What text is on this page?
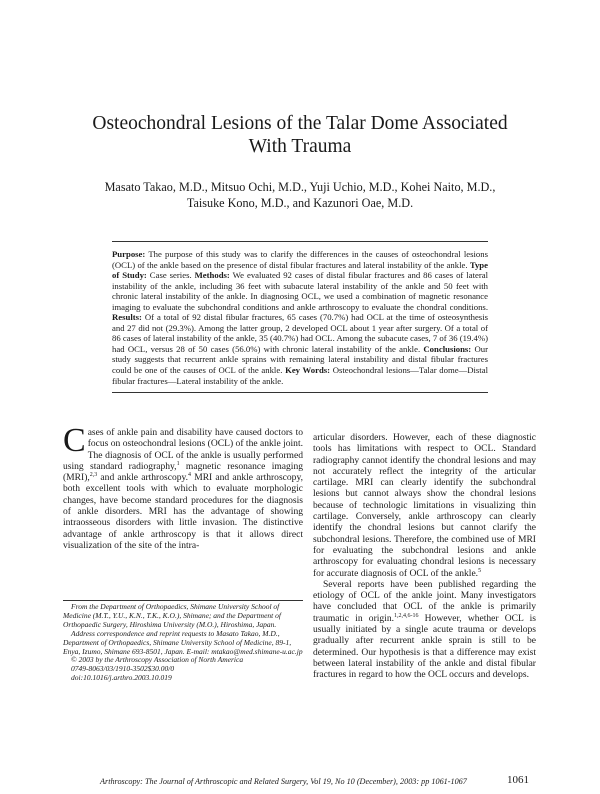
Osteochondral Lesions of the Talar Dome Associated
With Trauma
Masato Takao, M.D., Mitsuo Ochi, M.D., Yuji Uchio, M.D., Kohei Naito, M.D.,
Taisuke Kono, M.D., and Kazunori Oae, M.D.
Purpose: The purpose of this study was to clarify the differences in the causes of osteochondral lesions (OCL) of the ankle based on the presence of distal fibular fractures and lateral instability of the ankle. Type of Study: Case series. Methods: We evaluated 92 cases of distal fibular fractures and 86 cases of lateral instability of the ankle, including 36 feet with subacute lateral instability of the ankle and 50 feet with chronic lateral instability of the ankle. In diagnosing OCL, we used a combination of magnetic resonance imaging to evaluate the subchondral conditions and ankle arthroscopy to evaluate the chondral conditions. Results: Of a total of 92 distal fibular fractures, 65 cases (70.7%) had OCL at the time of osteosynthesis and 27 did not (29.3%). Among the latter group, 2 developed OCL about 1 year after surgery. Of a total of 86 cases of lateral instability of the ankle, 35 (40.7%) had OCL. Among the subacute cases, 7 of 36 (19.4%) had OCL, versus 28 of 50 cases (56.0%) with chronic lateral instability of the ankle. Conclusions: Our study suggests that recurrent ankle sprains with remaining lateral instability and distal fibular fractures could be one of the causes of OCL of the ankle. Key Words: Osteochondral lesions—Talar dome—Distal fibular fractures—Lateral instability of the ankle.

Cases of ankle pain and disability have caused doctors to focus on osteochondral lesions (OCL) of the ankle joint. The diagnosis of OCL of the ankle is usually performed using standard radiography,$^1$ magnetic resonance imaging (MRI),$^{2,3}$ and ankle arthroscopy.$^4$ MRI and ankle arthroscopy, both excellent tools with which to evaluate morphologic changes, have become standard procedures for the diagnosis of ankle disorders. MRI has the advantage of showing intraosseous disorders with little invasion. The distinctive advantage of ankle arthroscopy is that it allows direct visualization of the site of the intra-

articular disorders. However, each of these diagnostic tools has limitations with respect to OCL. Standard radiography cannot identify the chondral lesions and may not accurately reflect the integrity of the articular cartilage. MRI can clearly identify the subchondral lesions but cannot always show the chondral lesions because of technologic limitations in visualizing thin cartilage. Conversely, ankle arthroscopy can clearly identify the chondral lesions but cannot clarify the subchondral lesions. Therefore, the combined use of MRI for evaluating the subchondral lesions and ankle arthroscopy for evaluating chondral lesions is necessary for accurate diagnosis of OCL of the ankle.$^5$

Several reports have been published regarding the etiology of OCL of the ankle joint. Many investigators have concluded that OCL of the ankle is primarily traumatic in origin.$^{1,2,4,6-16}$ However, whether OCL is usually initiated by a single acute trauma or develops gradually after recurrent ankle sprain is still to be determined. Our hypothesis is that a difference may exist between lateral instability of the ankle and distal fibular fractures in regard to how the OCL occurs and develops.

From the Department of Orthopaedics, Shimane University School of Medicine (M.T., Y.U., K.N., T.K., K.O.), Shimane; and the Department of Orthopaedic Surgery, Hiroshima University (M.O.), Hiroshima, Japan.

Address correspondence and reprint requests to Masato Takao, M.D., Department of Orthopaedics, Shimane University School of Medicine, 89-1, Enya, Izumo, Shimane 693-8501, Japan. E-mail: mtakao@med.shimane-u.ac.jp

© 2003 by the Arthroscopy Association of North America

0749-8063/03/1910-3502$30.00/0

doi:10.1016/j.arthro.2003.10.019

Arthroscopy: The Journal of Arthroscopic and Related Surgery, Vol 19, No 10 (December), 2003: pp 1061-1067	1061
